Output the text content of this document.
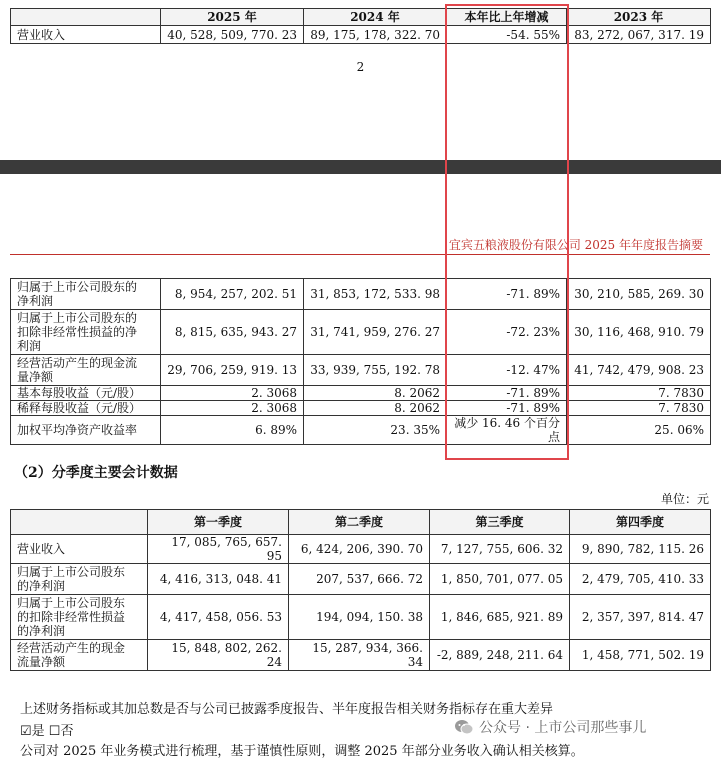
	2025 年	2024 年	本年比上年增减	2023 年
营业收入	40, 528, 509, 770. 23	89, 175, 178, 322. 70	-54. 55%	83, 272, 067, 317. 19
2
宜宾五粮液股份有限公司 2025 年年度报告摘要
归属于上市公司股东的
净利润	8, 954, 257, 202. 51	31, 853, 172, 533. 98	-71. 89%	30, 210, 585, 269. 30
归属于上市公司股东的
扣除非经常性损益的净
利润	8, 815, 635, 943. 27	31, 741, 959, 276. 27	-72. 23%	30, 116, 468, 910. 79
经营活动产生的现金流
量净额	29, 706, 259, 919. 13	33, 939, 755, 192. 78	-12. 47%	41, 742, 479, 908. 23
基本每股收益（元/股）	2. 3068	8. 2062	-71. 89%	7. 7830
稀释每股收益（元/股）	2. 3068	8. 2062	-71. 89%	7. 7830
加权平均净资产收益率	6. 89%	23. 35%	减少 16. 46 个百分点	25. 06%
（2）分季度主要会计数据
单位：元
	第一季度	第二季度	第三季度	第四季度
营业收入	17, 085, 765, 657. 95	6, 424, 206, 390. 70	7, 127, 755, 606. 32	9, 890, 782, 115. 26
归属于上市公司股东
的净利润	4, 416, 313, 048. 41	207, 537, 666. 72	1, 850, 701, 077. 05	2, 479, 705, 410. 33
归属于上市公司股东
的扣除非经常性损益
的净利润	4, 417, 458, 056. 53	194, 094, 150. 38	1, 846, 685, 921. 89	2, 357, 397, 814. 47
经营活动产生的现金
流量净额	15, 848, 802, 262. 24	15, 287, 934, 366. 34	-2, 889, 248, 211. 64	1, 458, 771, 502. 19
上述财务指标或其加总数是否与公司已披露季度报告、半年度报告相关财务指标存在重大差异
☑是 ☐否
公司对 2025 年业务模式进行梳理，基于谨慎性原则，调整 2025 年部分业务收入确认相关核算。
公众号 · 上市公司那些事儿
